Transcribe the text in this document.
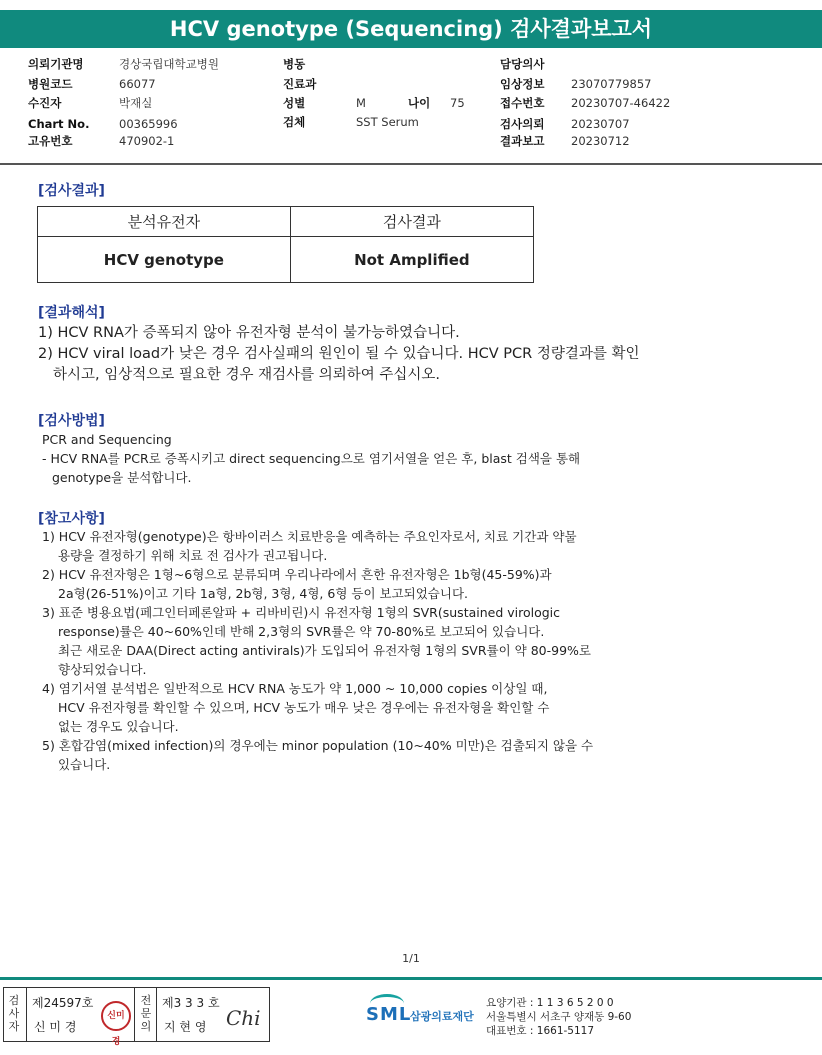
HCV genotype (Sequencing) 검사결과보고서
의뢰기관명	경상국립대학교병원
병원코드	66077
수진자	박재실
Chart No.	00365996
고유번호	470902-1
병동
진료과
성별	M	나이 75
검체	SST Serum
담당의사
임상정보 23070779857
접수번호 20230707-46422
검사의뢰 20230707
결과보고 20230712
[검사결과]
분석유전자	검사결과
HCV genotype	Not Amplified
[결과해석]
1) HCV RNA가 증폭되지 않아 유전자형 분석이 불가능하였습니다.
2) HCV viral load가 낮은 경우 검사실패의 원인이 될 수 있습니다. HCV PCR 정량결과를 확인
하시고, 임상적으로 필요한 경우 재검사를 의뢰하여 주십시오.
[검사방법]
PCR and Sequencing
- HCV RNA를 PCR로 증폭시키고 direct sequencing으로 염기서열을 얻은 후, blast 검색을 통해
genotype을 분석합니다.
[참고사항]
1) HCV 유전자형(genotype)은 항바이러스 치료반응을 예측하는 주요인자로서, 치료 기간과 약물
용량을 결정하기 위해 치료 전 검사가 권고됩니다.
2) HCV 유전자형은 1형~6형으로 분류되며 우리나라에서 흔한 유전자형은 1b형(45-59%)과
2a형(26-51%)이고 기타 1a형, 2b형, 3형, 4형, 6형 등이 보고되었습니다.
3) 표준 병용요법(페그인터페론알파 + 리바비린)시 유전자형 1형의 SVR(sustained virologic
response)률은 40~60%인데 반해 2,3형의 SVR률은 약 70-80%로 보고되어 있습니다.
최근 새로운 DAA(Direct acting antivirals)가 도입되어 유전자형 1형의 SVR률이 약 80-99%로
향상되었습니다.
4) 염기서열 분석법은 일반적으로 HCV RNA 농도가 약 1,000 ~ 10,000 copies 이상일 때,
HCV 유전자형를 확인할 수 있으며, HCV 농도가 매우 낮은 경우에는 유전자형을 확인할 수
없는 경우도 있습니다.
5) 혼합감염(mixed infection)의 경우에는 minor population (10~40% 미만)은 검출되지 않을 수
있습니다.
1/1
검
사
자
제24597호
신 미 경
신미경
전
문
의
제3 3 3 호
지 현 영 Chi	SML
삼광의료재단
요양기관 : 1 1 3 6 5 2 0 0
서울특별시 서초구 양재동 9-60
대표번호 : 1661-5117
